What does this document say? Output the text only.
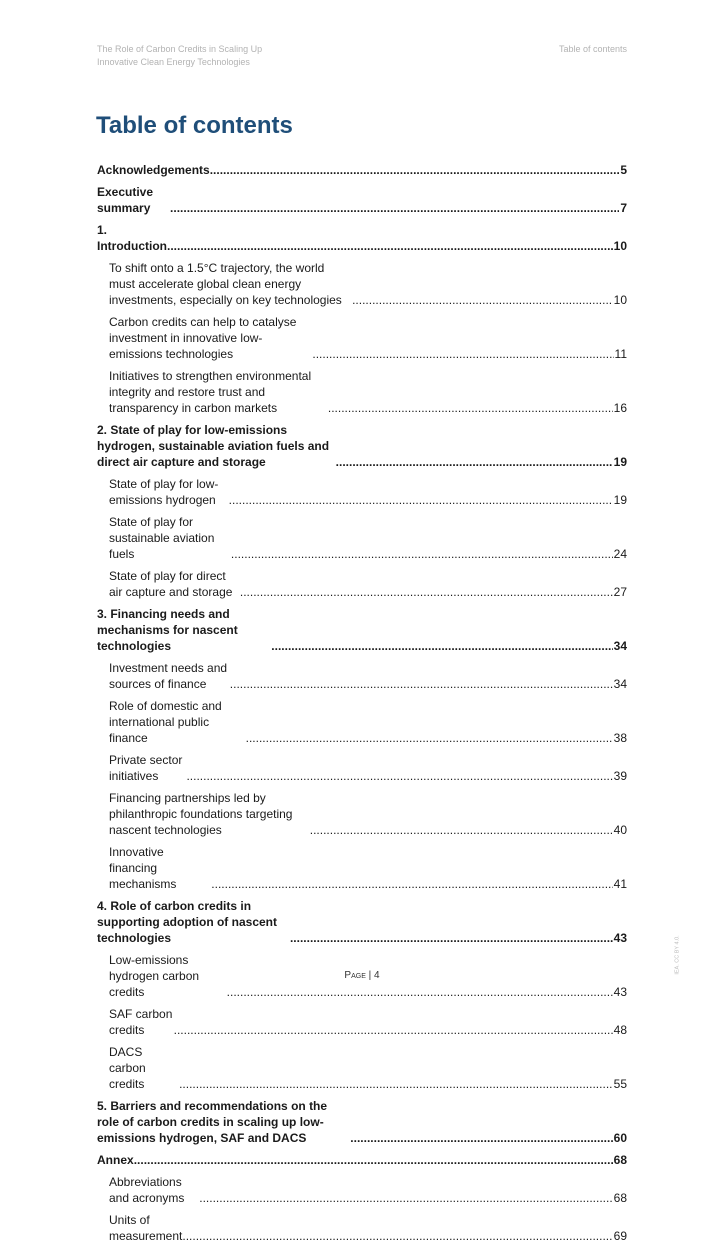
The Role of Carbon Credits in Scaling Up
Innovative Clean Energy Technologies
Table of contents
Table of contents
Acknowledgements .....	5
Executive summary .....	7
1. Introduction .....	10
To shift onto a 1.5°C trajectory, the world must accelerate global clean energy investments, especially on key technologies .....	10
Carbon credits can help to catalyse investment in innovative low-emissions technologies .....	11
Initiatives to strengthen environmental integrity and restore trust and transparency in carbon markets .....	16
2. State of play for low-emissions hydrogen, sustainable aviation fuels and direct air capture and storage .....	19
State of play for low-emissions hydrogen .....	19
State of play for sustainable aviation fuels .....	24
State of play for direct air capture and storage .....	27
3. Financing needs and mechanisms for nascent technologies .....	34
Investment needs and sources of finance .....	34
Role of domestic and international public finance .....	38
Private sector initiatives .....	39
Financing partnerships led by philanthropic foundations targeting nascent technologies .....	40
Innovative financing mechanisms .....	41
4. Role of carbon credits in supporting adoption of nascent technologies .....	43
Low-emissions hydrogen carbon credits .....	43
SAF carbon credits .....	48
DACS carbon credits .....	55
5. Barriers and recommendations on the role of carbon credits in scaling up low-emissions hydrogen, SAF and DACS .....	60
Annex .....	68
Abbreviations and acronyms .....	68
Units of measurement .....	69
Page | 4
IEA. CC BY 4.0.
